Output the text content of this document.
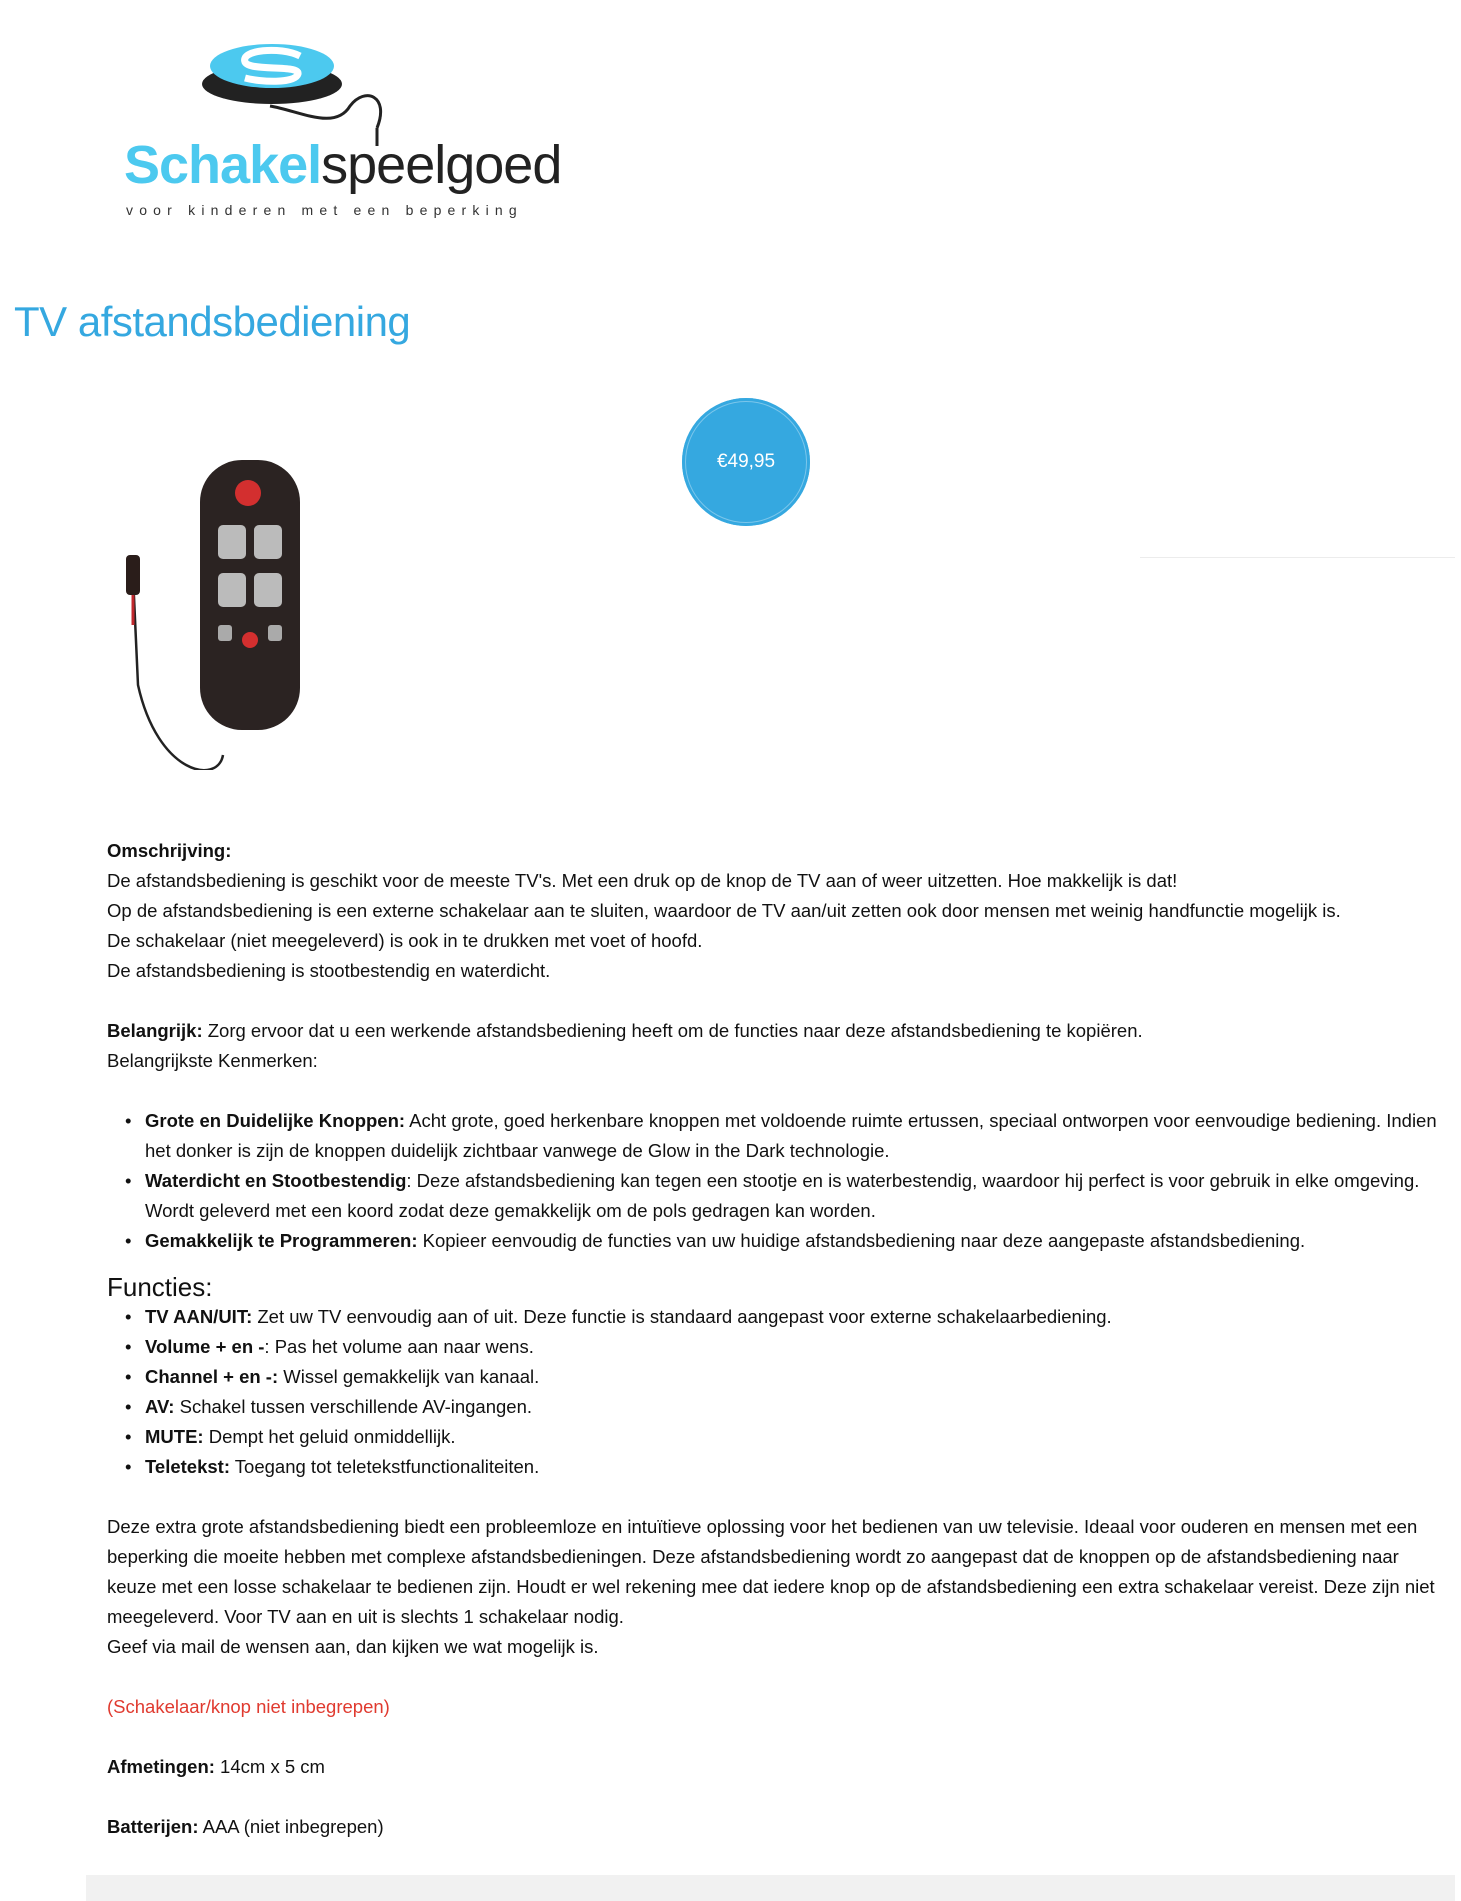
Schakelspeelgoed
voor kinderen met een beperking
TV afstandsbediening
€49,95

Omschrijving:
De afstandsbediening is geschikt voor de meeste TV's. Met een druk op de knop de TV aan of weer uitzetten. Hoe makkelijk is dat!
Op de afstandsbediening is een externe schakelaar aan te sluiten, waardoor de TV aan/uit zetten ook door mensen met weinig handfunctie mogelijk is.
De schakelaar (niet meegeleverd) is ook in te drukken met voet of hoofd.
De afstandsbediening is stootbestendig en waterdicht.

Belangrijk: Zorg ervoor dat u een werkende afstandsbediening heeft om de functies naar deze afstandsbediening te kopiëren.
Belangrijkste Kenmerken:

• Grote en Duidelijke Knoppen: Acht grote, goed herkenbare knoppen met voldoende ruimte ertussen, speciaal ontworpen voor eenvoudige bediening. Indien het donker is zijn de knoppen duidelijk zichtbaar vanwege de Glow in the Dark technologie.
• Waterdicht en Stootbestendig: Deze afstandsbediening kan tegen een stootje en is waterbestendig, waardoor hij perfect is voor gebruik in elke omgeving. Wordt geleverd met een koord zodat deze gemakkelijk om de pols gedragen kan worden.
• Gemakkelijk te Programmeren: Kopieer eenvoudig de functies van uw huidige afstandsbediening naar deze aangepaste afstandsbediening.
Functies:
• TV AAN/UIT: Zet uw TV eenvoudig aan of uit. Deze functie is standaard aangepast voor externe schakelaarbediening.
• Volume + en -: Pas het volume aan naar wens.
• Channel + en -: Wissel gemakkelijk van kanaal.
• AV: Schakel tussen verschillende AV-ingangen.
• MUTE: Dempt het geluid onmiddellijk.
• Teletekst: Toegang tot teletekstfunctionaliteiten.

Deze extra grote afstandsbediening biedt een probleemloze en intuïtieve oplossing voor het bedienen van uw televisie. Ideaal voor ouderen en mensen met een beperking die moeite hebben met complexe afstandsbedieningen. Deze afstandsbediening wordt zo aangepast dat de knoppen op de afstandsbediening naar keuze met een losse schakelaar te bedienen zijn. Houdt er wel rekening mee dat iedere knop op de afstandsbediening een extra schakelaar vereist. Deze zijn niet meegeleverd. Voor TV aan en uit is slechts 1 schakelaar nodig.
Geef via mail de wensen aan, dan kijken we wat mogelijk is.

(Schakelaar/knop niet inbegrepen)

Afmetingen: 14cm x 5 cm

Batterijen: AAA (niet inbegrepen)
